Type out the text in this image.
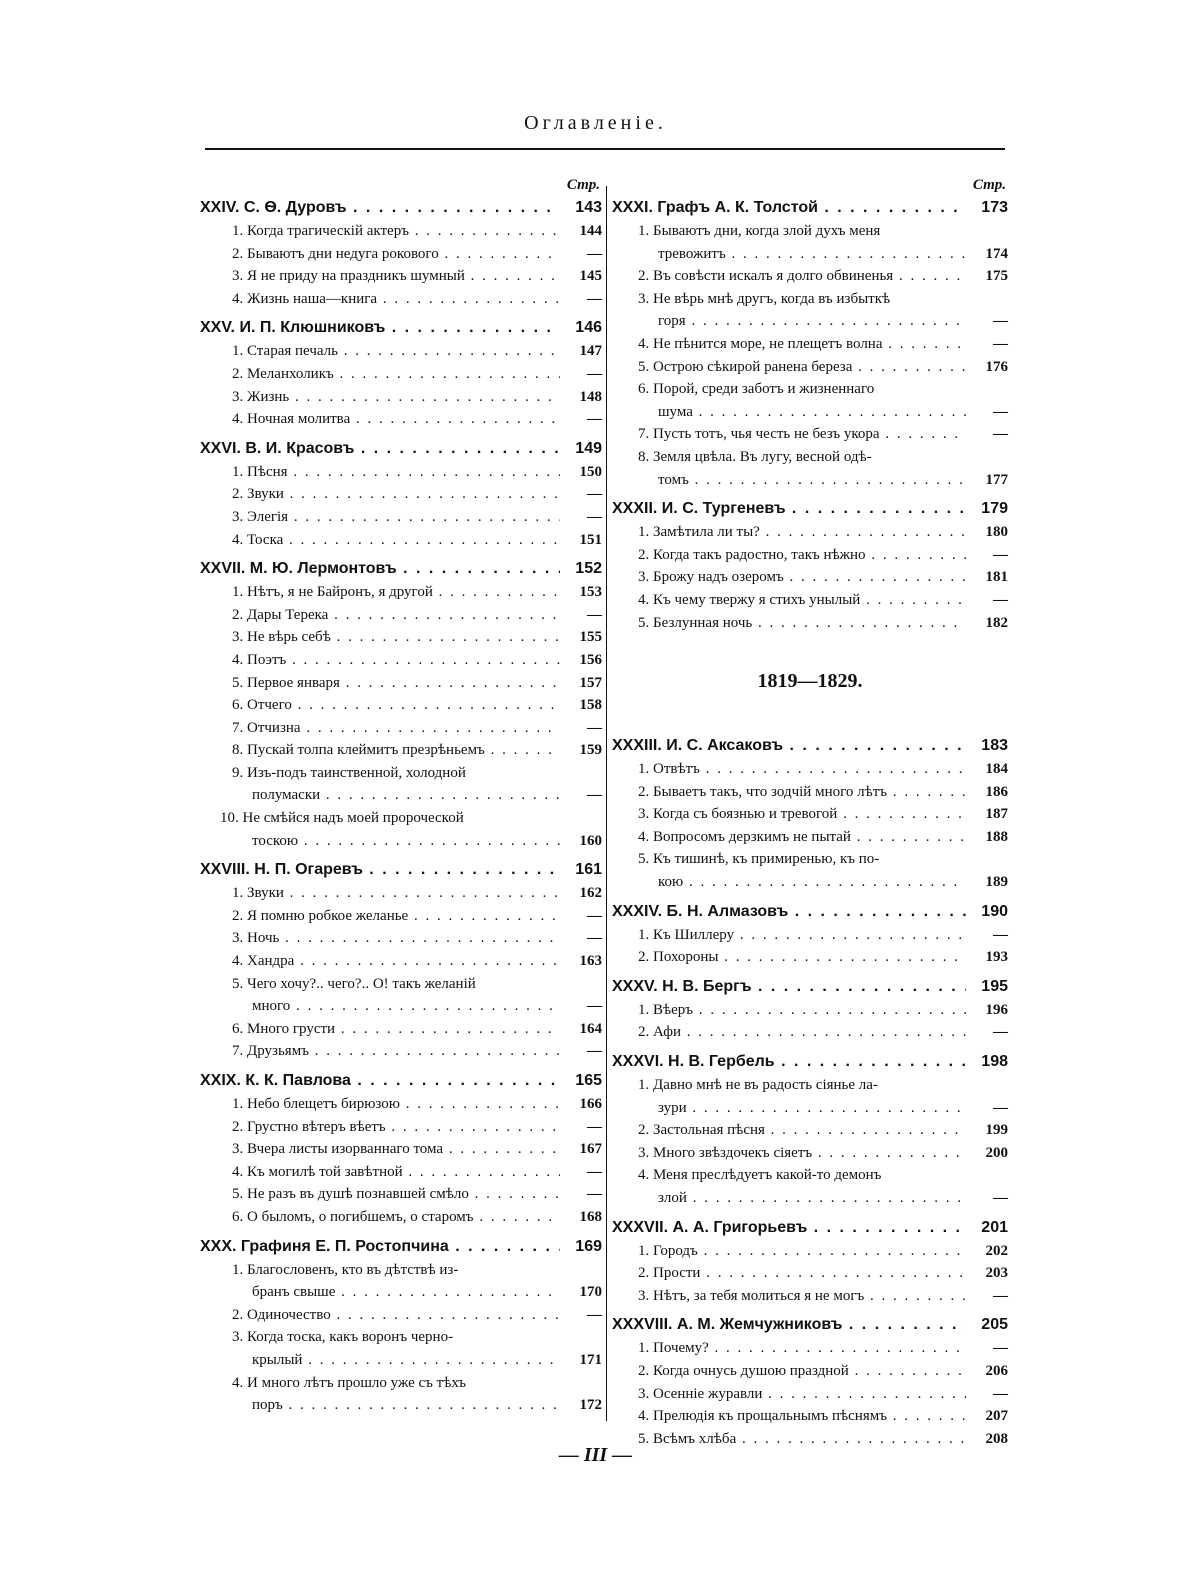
Оглавленіе.
Стр.
XXIV. С. Ѳ. Дуровъ . . .	143
1. Когда трагическій актеръ . . .	144
2. Бываютъ дни недуга рокового . . .	—
3. Я не приду на праздникъ шумный . . .	145
4. Жизнь наша—книга . . .	—
XXV. И. П. Клюшниковъ . . .	146
1. Старая печаль . . .	147
2. Меланхоликъ . . .	—
3. Жизнь . . .	148
4. Ночная молитва . . .	—
XXVI. В. И. Красовъ . . .	149
1. Пѣсня . . .	150
2. Звуки . . .	—
3. Элегія . . .	—
4. Тоска . . .	151
XXVII. М. Ю. Лермонтовъ . . .	152
1. Нѣтъ, я не Байронъ, я другой . . .	153
2. Дары Терека . . .	—
3. Не вѣрь себѣ . . .	155
4. Поэтъ . . .	156
5. Первое января . . .	157
6. Отчего . . .	158
7. Отчизна . . .	—
8. Пускай толпа клеймитъ презрѣньемъ . . .	159
9. Изъ-подъ таинственной, холодной
полумаски . . .	—
10. Не смѣйся надъ моей пророческой
тоскою . . .	160
XXVIII. Н. П. Огаревъ . . .	161
1. Звуки . . .	162
2. Я помню робкое желанье . . .	—
3. Ночь . . .	—
4. Хандра . . .	163
5. Чего хочу?.. чего?.. О! такъ желаній
много . . .	—
6. Много грусти . . .	164
7. Друзьямъ . . .	—
XXIX. К. К. Павлова . . .	165
1. Небо блещетъ бирюзою . . .	166
2. Грустно вѣтеръ вѣетъ . . .	—
3. Вчера листы изорваннаго тома . . .	167
4. Къ могилѣ той завѣтной . . .	—
5. Не разъ въ душѣ познавшей смѣло . . .	—
6. О быломъ, о погибшемъ, о старомъ . . .	168
XXX. Графиня Е. П. Ростопчина . . .	169
1. Благословенъ, кто въ дѣтствѣ из-
бранъ свыше . . .	170
2. Одиночество . . .	—
3. Когда тоска, какъ воронъ черно-
крылый . . .	171
4. И много лѣтъ прошло уже съ тѣхъ
поръ . . .	172
Стр.
XXXI. Графъ А. К. Толстой . . .	173
1. Бываютъ дни, когда злой духъ меня
тревожитъ . . .	174
2. Въ совѣсти искалъ я долго обвиненья . . .	175
3. Не вѣрь мнѣ другъ, когда въ избыткѣ
горя . . .	—
4. Не пѣнится море, не плещетъ волна . . .	—
5. Острою сѣкирой ранена береза . . .	176
6. Порой, среди заботъ и жизненнаго
шума . . .	—
7. Пусть тотъ, чья честь не безъ укора . . .	—
8. Земля цвѣла. Въ лугу, весной одѣ-
томъ . . .	177
XXXII. И. С. Тургеневъ . . .	179
1. Замѣтила ли ты? . . .	180
2. Когда такъ радостно, такъ нѣжно . . .	—
3. Брожу надъ озеромъ . . .	181
4. Къ чему твержу я стихъ унылый . . .	—
5. Безлунная ночь . . .	182
1819—1829.
XXXIII. И. С. Аксаковъ . . .	183
1. Отвѣтъ . . .	184
2. Бываетъ такъ, что зодчій много лѣтъ . . .	186
3. Когда съ боязнью и тревогой . . .	187
4. Вопросомъ дерзкимъ не пытай . . .	188
5. Къ тишинѣ, къ примиренью, къ по-
кою . . .	189
XXXIV. Б. Н. Алмазовъ . . .	190
1. Къ Шиллеру . . .	—
2. Похороны . . .	193
XXXV. Н. В. Бергъ . . .	195
1. Вѣеръ . . .	196
2. Афи . . .	—
XXXVI. Н. В. Гербель . . .	198
1. Давно мнѣ не въ радость сіянье ла-
зури . . .	—
2. Застольная пѣсня . . .	199
3. Много звѣздочекъ сіяетъ . . .	200
4. Меня преслѣдуетъ какой-то демонъ
злой . . .	—
XXXVII. А. А. Григорьевъ . . .	201
1. Городъ . . .	202
2. Прости . . .	203
3. Нѣтъ, за тебя молиться я не могъ . . .	—
XXXVIII. А. М. Жемчужниковъ . . .	205
1. Почему? . . .	—
2. Когда очнусь душою праздной . . .	206
3. Осенніе журавли . . .	—
4. Прелюдія къ прощальнымъ пѣснямъ . . .	207
5. Всѣмъ хлѣба . . .	208
— III —
